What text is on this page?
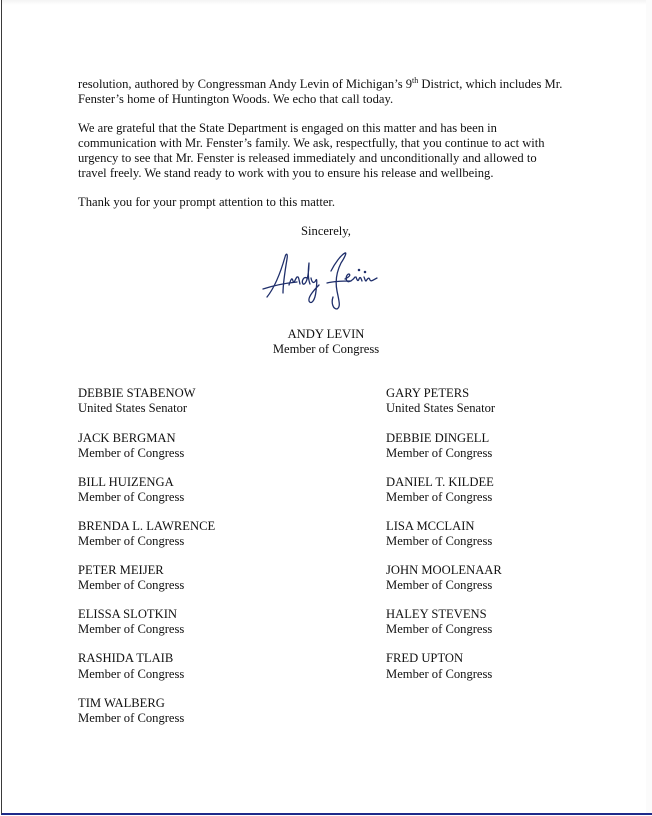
resolution, authored by Congressman Andy Levin of Michigan’s 9th District, which includes Mr.
Fenster’s home of Huntington Woods. We echo that call today.
We are grateful that the State Department is engaged on this matter and has been in
communication with Mr. Fenster’s family. We ask, respectfully, that you continue to act with
urgency to see that Mr. Fenster is released immediately and unconditionally and allowed to
travel freely. We stand ready to work with you to ensure his release and wellbeing.
Thank you for your prompt attention to this matter.
Sincerely,
ANDY LEVIN
Member of Congress
DEBBIE STABENOW
United States Senator
JACK BERGMAN
Member of Congress
BILL HUIZENGA
Member of Congress
BRENDA L. LAWRENCE
Member of Congress
PETER MEIJER
Member of Congress
ELISSA SLOTKIN
Member of Congress
RASHIDA TLAIB
Member of Congress
TIM WALBERG
Member of Congress
GARY PETERS
United States Senator
DEBBIE DINGELL
Member of Congress
DANIEL T. KILDEE
Member of Congress
LISA MCCLAIN
Member of Congress
JOHN MOOLENAAR
Member of Congress
HALEY STEVENS
Member of Congress
FRED UPTON
Member of Congress
